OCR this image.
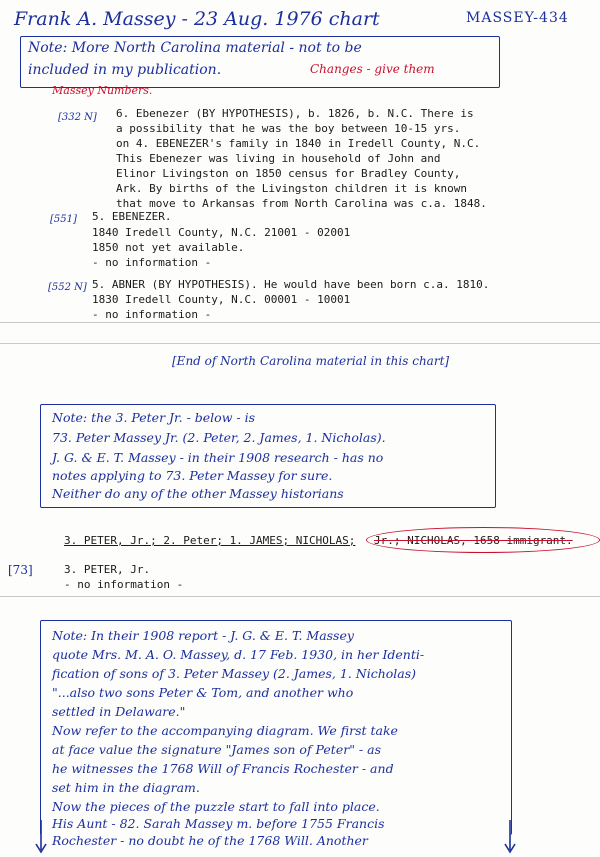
Frank A. Massey - 23 Aug. 1976 chart	MASSEY-434
Note: More North Carolina material - not to be
included in my publication.	Changes - give them
Massey Numbers.
[332 N] 6. Ebenezer (BY HYPOTHESIS), b. 1826, b. N.C. There is
a possibility that he was the boy between 10-15 yrs.
on 4. EBENEZER's family in 1840 in Iredell County, N.C.
This Ebenezer was living in household of John and
Elinor Livingston on 1850 census for Bradley County,
Ark. By births of the Livingston children it is known
that move to Arkansas from North Carolina was c.a. 1848.
[551] 5. EBENEZER.
1840 Iredell County, N.C. 21001 - 02001
1850 not yet available.
- no information -
[552 N] 5. ABNER (BY HYPOTHESIS). He would have been born c.a. 1810.
1830 Iredell County, N.C. 00001 - 10001
- no information -
[End of North Carolina material in this chart]
Note: the 3. Peter Jr. - below - is
73. Peter Massey Jr. (2. Peter, 2. James, 1. Nicholas).
J. G. & E. T. Massey - in their 1908 research - has no
notes applying to 73. Peter Massey for sure.
Neither do any of the other Massey historians
3. PETER, Jr.; 2. Peter; 1. JAMES; NICHOLAS; Jr.; NICHOLAS, 1658 immigrant.
[73]	3. PETER, Jr.
- no information -
Note: In their 1908 report - J. G. & E. T. Massey
quote Mrs. M. A. O. Massey, d. 17 Feb. 1930, in her Identi-
fication of sons of 3. Peter Massey (2. James, 1. Nicholas)
"...also two sons Peter & Tom, and another who
settled in Delaware."
Now refer to the accompanying diagram. We first take
at face value the signature "James son of Peter" - as
he witnesses the 1768 Will of Francis Rochester - and
set him in the diagram.
Now the pieces of the puzzle start to fall into place.
His Aunt - 82. Sarah Massey m. before 1755 Francis
Rochester - no doubt he of the 1768 Will. Another
